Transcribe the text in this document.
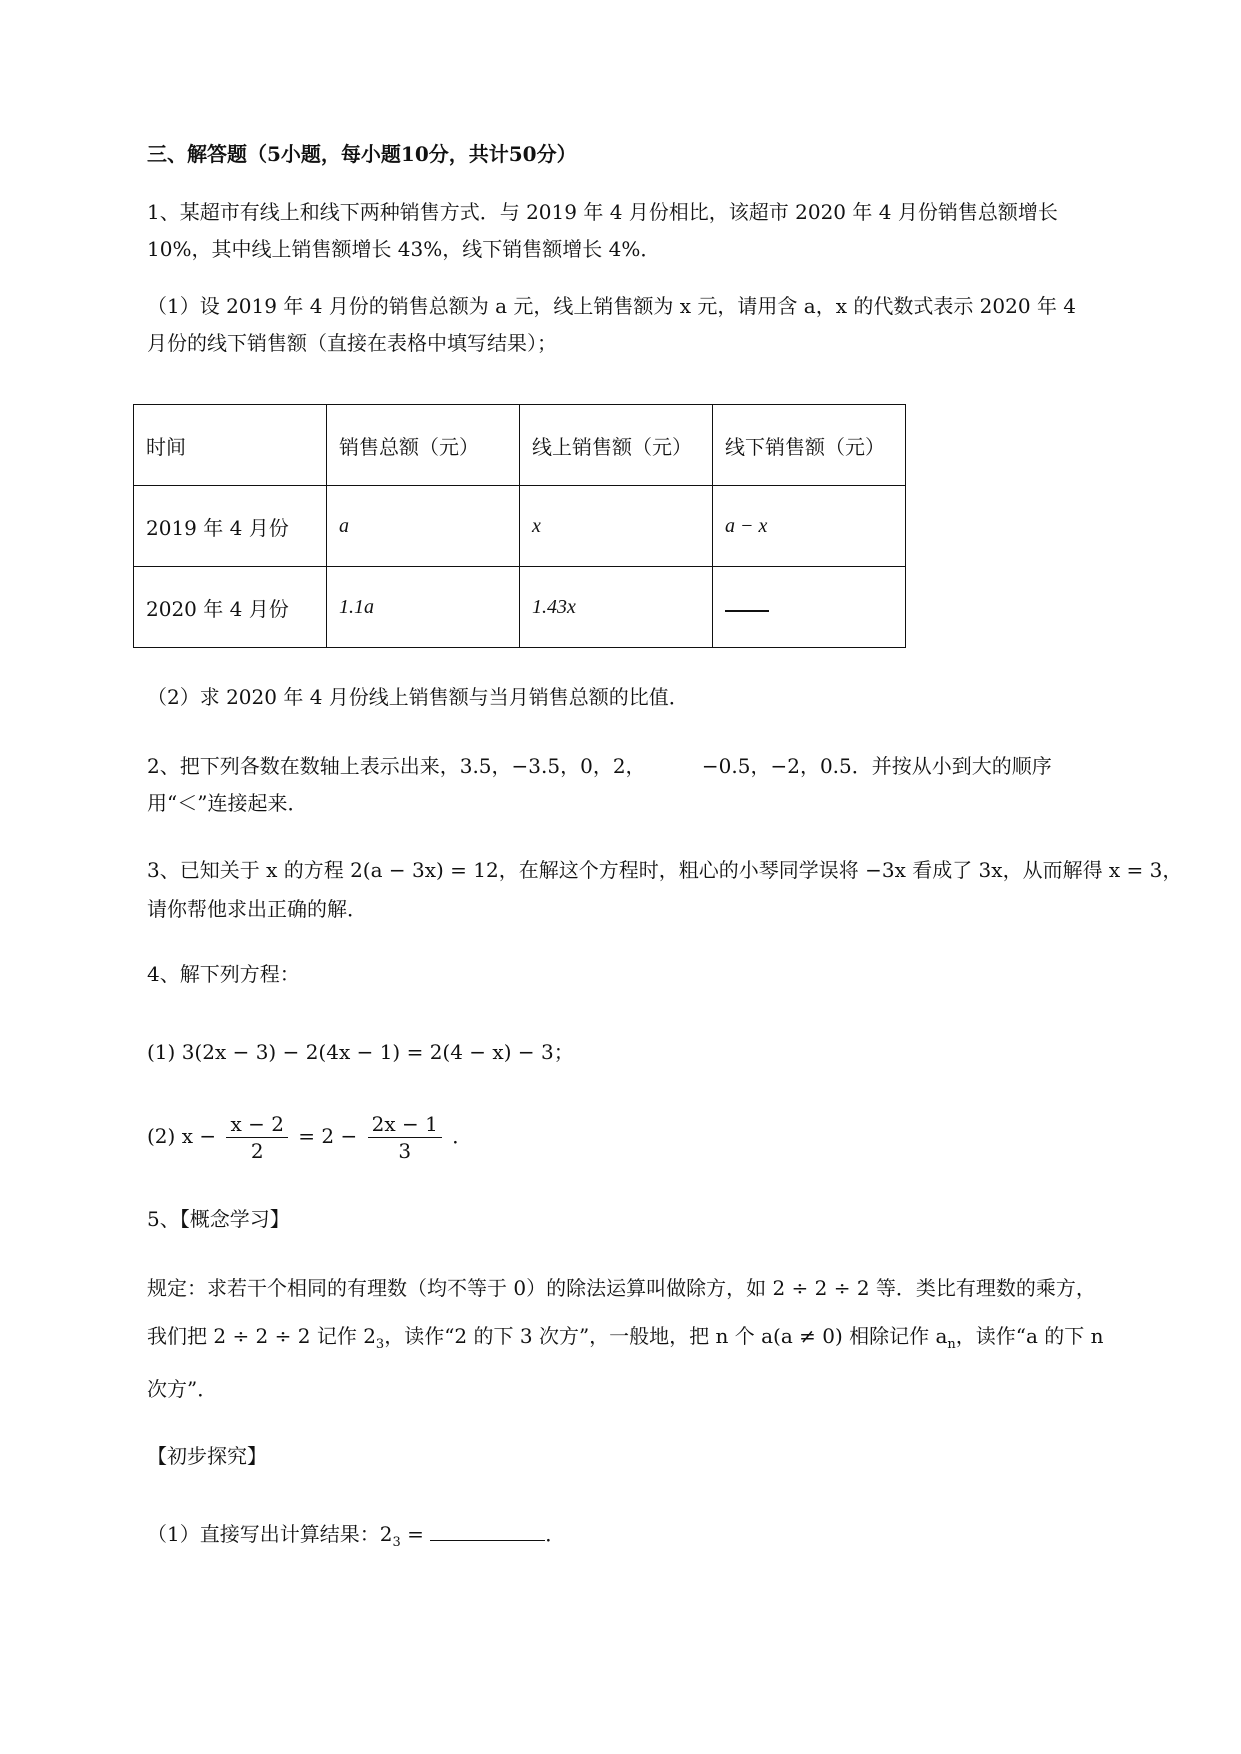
三、解答题（5小题，每小题10分，共计50分）
1、某超市有线上和线下两种销售方式．与 2019 年 4 月份相比，该超市 2020 年 4 月份销售总额增长
10%，其中线上销售额增长 43%，线下销售额增长 4%．
（1）设 2019 年 4 月份的销售总额为 a 元，线上销售额为 x 元，请用含 a，x 的代数式表示 2020 年 4
月份的线下销售额（直接在表格中填写结果）；
时间	销售总额（元）	线上销售额（元）	线下销售额（元）
2019 年 4 月份	a	x	a − x
2020 年 4 月份	1.1a	1.43x	
（2）求 2020 年 4 月份线上销售额与当月销售总额的比值．
2、把下列各数在数轴上表示出来，3.5，−3.5，0，2，　　　 −0.5，−2，0.5．并按从小到大的顺序
用“＜”连接起来．
3、已知关于 x 的方程 2(a − 3x) = 12，在解这个方程时，粗心的小琴同学误将 −3x 看成了 3x，从而解得 x = 3，
请你帮他求出正确的解．
4、解下列方程：
(1) 3(2x − 3) − 2(4x − 1) = 2(4 − x) − 3；
(2) $x - \frac{x - 2}{2} = 2 - \frac{2x - 1}{3}$ ．
5、【概念学习】
规定：求若干个相同的有理数（均不等于 0）的除法运算叫做除方，如 2 ÷ 2 ÷ 2 等．类比有理数的乘方，
我们把 2 ÷ 2 ÷ 2 记作 $2_3$，读作“2 的下 3 次方”，一般地，把 n 个 a(a ≠ 0) 相除记作 $a_n$，读作“a 的下 n
次方”．
【初步探究】
（1）直接写出计算结果：$2_3$ =	．
